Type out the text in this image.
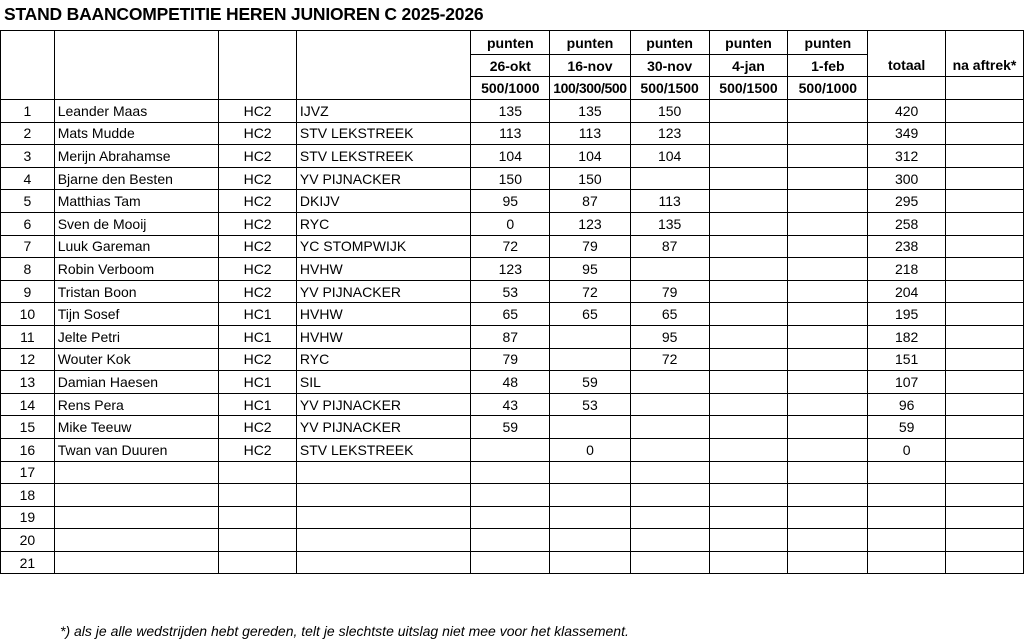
STAND BAANCOMPETITIE HEREN JUNIOREN C 2025-2026
				punten	punten	punten	punten	punten		
				26-okt	16-nov	30-nov	4-jan	1-feb	totaal	na aftrek*
				500/1000	100/300/500	500/1500	500/1500	500/1000		
1	Leander Maas	HC2	IJVZ	135	135	150			420	
2	Mats Mudde	HC2	STV LEKSTREEK	113	113	123			349	
3	Merijn Abrahamse	HC2	STV LEKSTREEK	104	104	104			312	
4	Bjarne den Besten	HC2	YV PIJNACKER	150	150				300	
5	Matthias Tam	HC2	DKIJV	95	87	113			295	
6	Sven de Mooij	HC2	RYC	0	123	135			258	
7	Luuk Gareman	HC2	YC STOMPWIJK	72	79	87			238	
8	Robin Verboom	HC2	HVHW	123	95				218	
9	Tristan Boon	HC2	YV PIJNACKER	53	72	79			204	
10	Tijn Sosef	HC1	HVHW	65	65	65			195	
11	Jelte Petri	HC1	HVHW	87		95			182	
12	Wouter Kok	HC2	RYC	79		72			151	
13	Damian Haesen	HC1	SIL	48	59				107	
14	Rens Pera	HC1	YV PIJNACKER	43	53				96	
15	Mike Teeuw	HC2	YV PIJNACKER	59					59	
16	Twan van Duuren	HC2	STV LEKSTREEK		0				0	
17										
18										
19										
20										
21										
*) als je alle wedstrijden hebt gereden, telt je slechtste uitslag niet mee voor het klassement.
